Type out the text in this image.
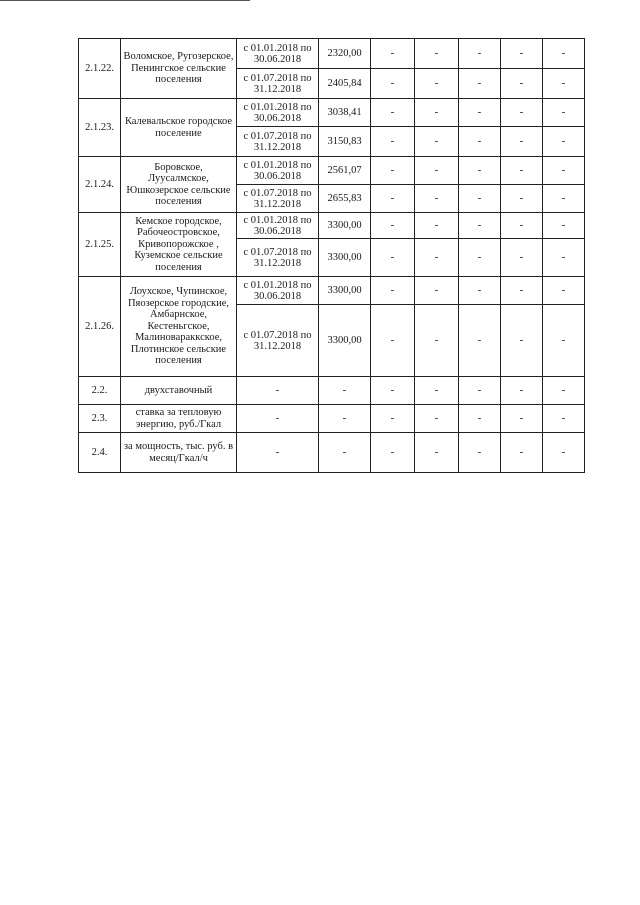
2.1.22.	Воломское, Ругозерское, Пенингское сельские поселения	с 01.01.2018 по 30.06.2018	2320,00	-	-	-	-	-
		с 01.07.2018 по 31.12.2018	2405,84	-	-	-	-	-
2.1.23.	Калевальское городское поселение	с 01.01.2018 по 30.06.2018	3038,41	-	-	-	-	-
		с 01.07.2018 по 31.12.2018	3150,83	-	-	-	-	-
2.1.24.	Боровское, Луусалмское, Юшкозерское сельские поселения	с 01.01.2018 по 30.06.2018	2561,07	-	-	-	-	-
		с 01.07.2018 по 31.12.2018	2655,83	-	-	-	-	-
2.1.25.	Кемское городское, Рабочеостровское, Кривопорожское , Куземское сельские поселения	с 01.01.2018 по 30.06.2018	3300,00	-	-	-	-	-
		с 01.07.2018 по 31.12.2018	3300,00	-	-	-	-	-
2.1.26.	Лоухское, Чупинское, Пяозерское городские, Амбарнское, Кестеньгское, Малиновараккское, Плотинское сельские поселения	с 01.01.2018 по 30.06.2018	3300,00	-	-	-	-	-
		с 01.07.2018 по 31.12.2018	3300,00	-	-	-	-	-
2.2.	двухставочный	-	-	-	-	-	-	-
2.3.	ставка за тепловую энергию, руб./Гкал	-	-	-	-	-	-	-
2.4.	за мощность, тыс. руб. в месяц/Гкал/ч	-	-	-	-	-	-	-
